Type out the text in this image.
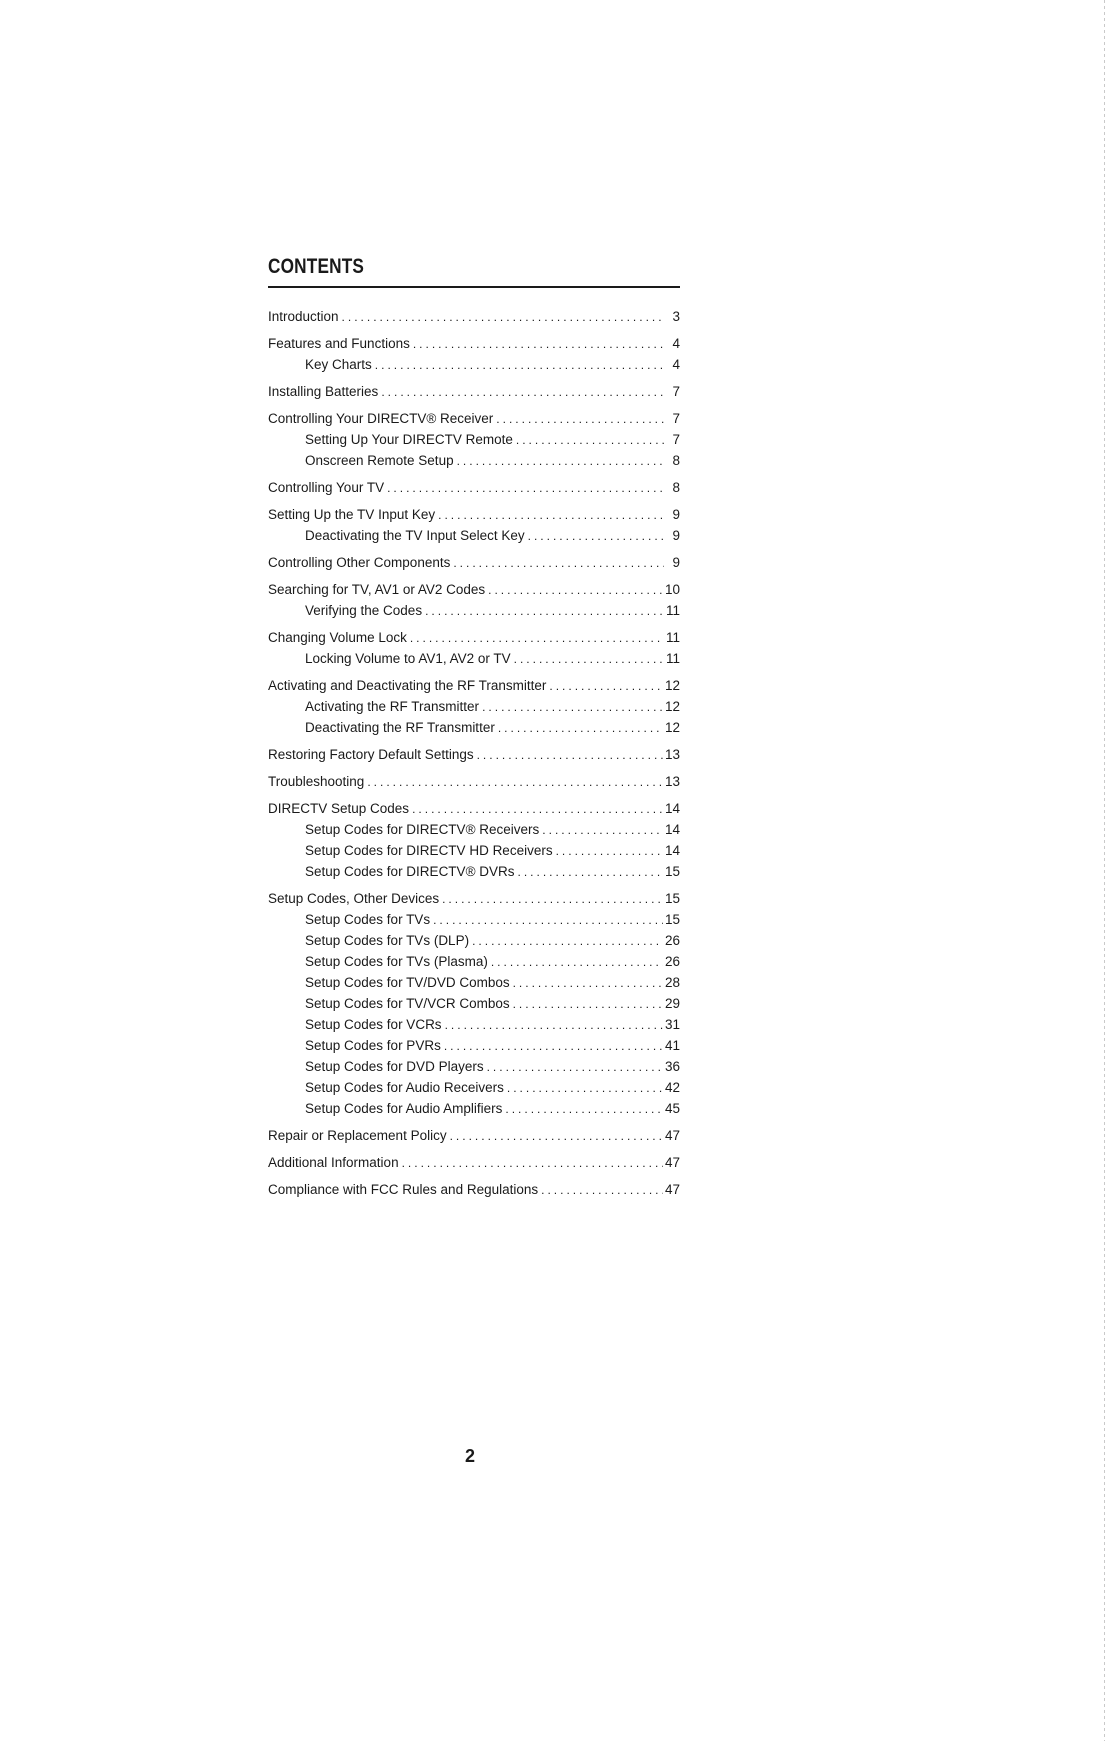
CONTENTS
Introduction .....	3
Features and Functions .....	4
Key Charts .....	4
Installing Batteries .....	7
Controlling Your DIRECTV® Receiver .....	7
Setting Up Your DIRECTV Remote .....	7
Onscreen Remote Setup .....	8
Controlling Your TV .....	8
Setting Up the TV Input Key .....	9
Deactivating the TV Input Select Key .....	9
Controlling Other Components .....	9
Searching for TV, AV1 or AV2 Codes .....	10
Verifying the Codes .....	11
Changing Volume Lock .....	11
Locking Volume to AV1, AV2 or TV .....	11
Activating and Deactivating the RF Transmitter .....	12
Activating the RF Transmitter .....	12
Deactivating the RF Transmitter .....	12
Restoring Factory Default Settings .....	13
Troubleshooting .....	13
DIRECTV Setup Codes .....	14
Setup Codes for DIRECTV® Receivers .....	14
Setup Codes for DIRECTV HD Receivers .....	14
Setup Codes for DIRECTV® DVRs .....	15
Setup Codes, Other Devices .....	15
Setup Codes for TVs .....	15
Setup Codes for TVs (DLP) .....	26
Setup Codes for TVs (Plasma) .....	26
Setup Codes for TV/DVD Combos .....	28
Setup Codes for TV/VCR Combos .....	29
Setup Codes for VCRs .....	31
Setup Codes for PVRs .....	41
Setup Codes for DVD Players .....	36
Setup Codes for Audio Receivers .....	42
Setup Codes for Audio Amplifiers .....	45
Repair or Replacement Policy .....	47
Additional Information .....	47
Compliance with FCC Rules and Regulations .....	47
2
